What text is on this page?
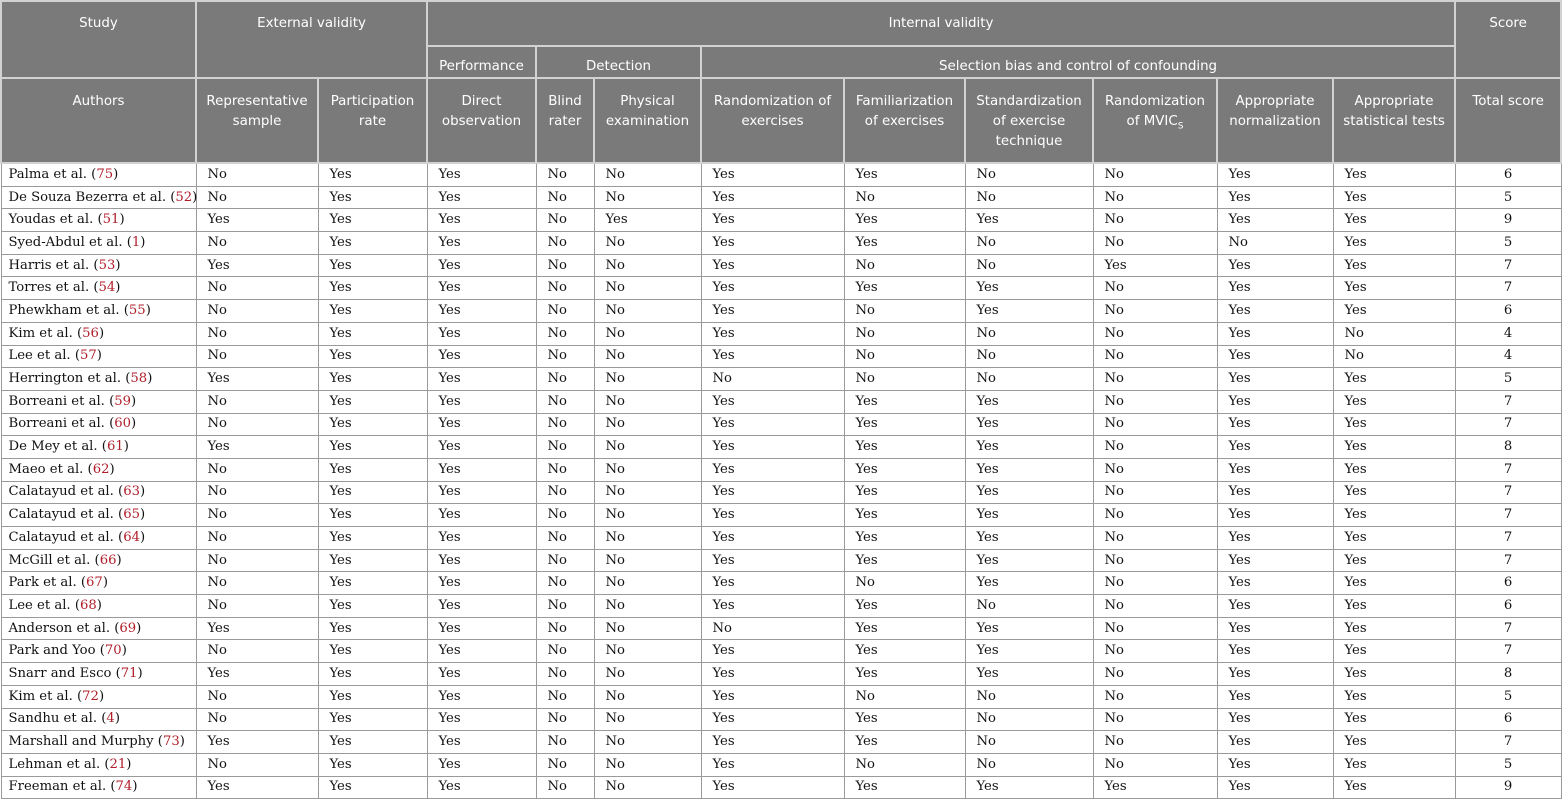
Study	External validity		Internal validity									Score
			Performance	Detection		Selection bias and control of confounding						
Authors	Representative sample	Participation rate	Direct observation	Blind rater	Physical examination	Randomization of exercises	Familiarization of exercises	Standardization of exercise technique	Randomization of $MVIC_S$	Appropriate normalization	Appropriate statistical tests	Total score
Palma et al. (75)	No	Yes	Yes	No	No	Yes	Yes	No	No	Yes	Yes	6
De Souza Bezerra et al. (52)	No	Yes	Yes	No	No	Yes	No	No	No	Yes	Yes	5
Youdas et al. (51)	Yes	Yes	Yes	No	Yes	Yes	Yes	Yes	No	Yes	Yes	9
Syed-Abdul et al. (1)	No	Yes	Yes	No	No	Yes	Yes	No	No	No	Yes	5
Harris et al. (53)	Yes	Yes	Yes	No	No	Yes	No	No	Yes	Yes	Yes	7
Torres et al. (54)	No	Yes	Yes	No	No	Yes	Yes	Yes	No	Yes	Yes	7
Phewkham et al. (55)	No	Yes	Yes	No	No	Yes	No	Yes	No	Yes	Yes	6
Kim et al. (56)	No	Yes	Yes	No	No	Yes	No	No	No	Yes	No	4
Lee et al. (57)	No	Yes	Yes	No	No	Yes	No	No	No	Yes	No	4
Herrington et al. (58)	Yes	Yes	Yes	No	No	No	No	No	No	Yes	Yes	5
Borreani et al. (59)	No	Yes	Yes	No	No	Yes	Yes	Yes	No	Yes	Yes	7
Borreani et al. (60)	No	Yes	Yes	No	No	Yes	Yes	Yes	No	Yes	Yes	7
De Mey et al. (61)	Yes	Yes	Yes	No	No	Yes	Yes	Yes	No	Yes	Yes	8
Maeo et al. (62)	No	Yes	Yes	No	No	Yes	Yes	Yes	No	Yes	Yes	7
Calatayud et al. (63)	No	Yes	Yes	No	No	Yes	Yes	Yes	No	Yes	Yes	7
Calatayud et al. (65)	No	Yes	Yes	No	No	Yes	Yes	Yes	No	Yes	Yes	7
Calatayud et al. (64)	No	Yes	Yes	No	No	Yes	Yes	Yes	No	Yes	Yes	7
McGill et al. (66)	No	Yes	Yes	No	No	Yes	Yes	Yes	No	Yes	Yes	7
Park et al. (67)	No	Yes	Yes	No	No	Yes	No	Yes	No	Yes	Yes	6
Lee et al. (68)	No	Yes	Yes	No	No	Yes	Yes	No	No	Yes	Yes	6
Anderson et al. (69)	Yes	Yes	Yes	No	No	No	Yes	Yes	No	Yes	Yes	7
Park and Yoo (70)	No	Yes	Yes	No	No	Yes	Yes	Yes	No	Yes	Yes	7
Snarr and Esco (71)	Yes	Yes	Yes	No	No	Yes	Yes	Yes	No	Yes	Yes	8
Kim et al. (72)	No	Yes	Yes	No	No	Yes	No	No	No	Yes	Yes	5
Sandhu et al. (4)	No	Yes	Yes	No	No	Yes	Yes	No	No	Yes	Yes	6
Marshall and Murphy (73)	Yes	Yes	Yes	No	No	Yes	Yes	No	No	Yes	Yes	7
Lehman et al. (21)	No	Yes	Yes	No	No	Yes	No	No	No	Yes	Yes	5
Freeman et al. (74)	Yes	Yes	Yes	No	No	Yes	Yes	Yes	Yes	Yes	Yes	9
